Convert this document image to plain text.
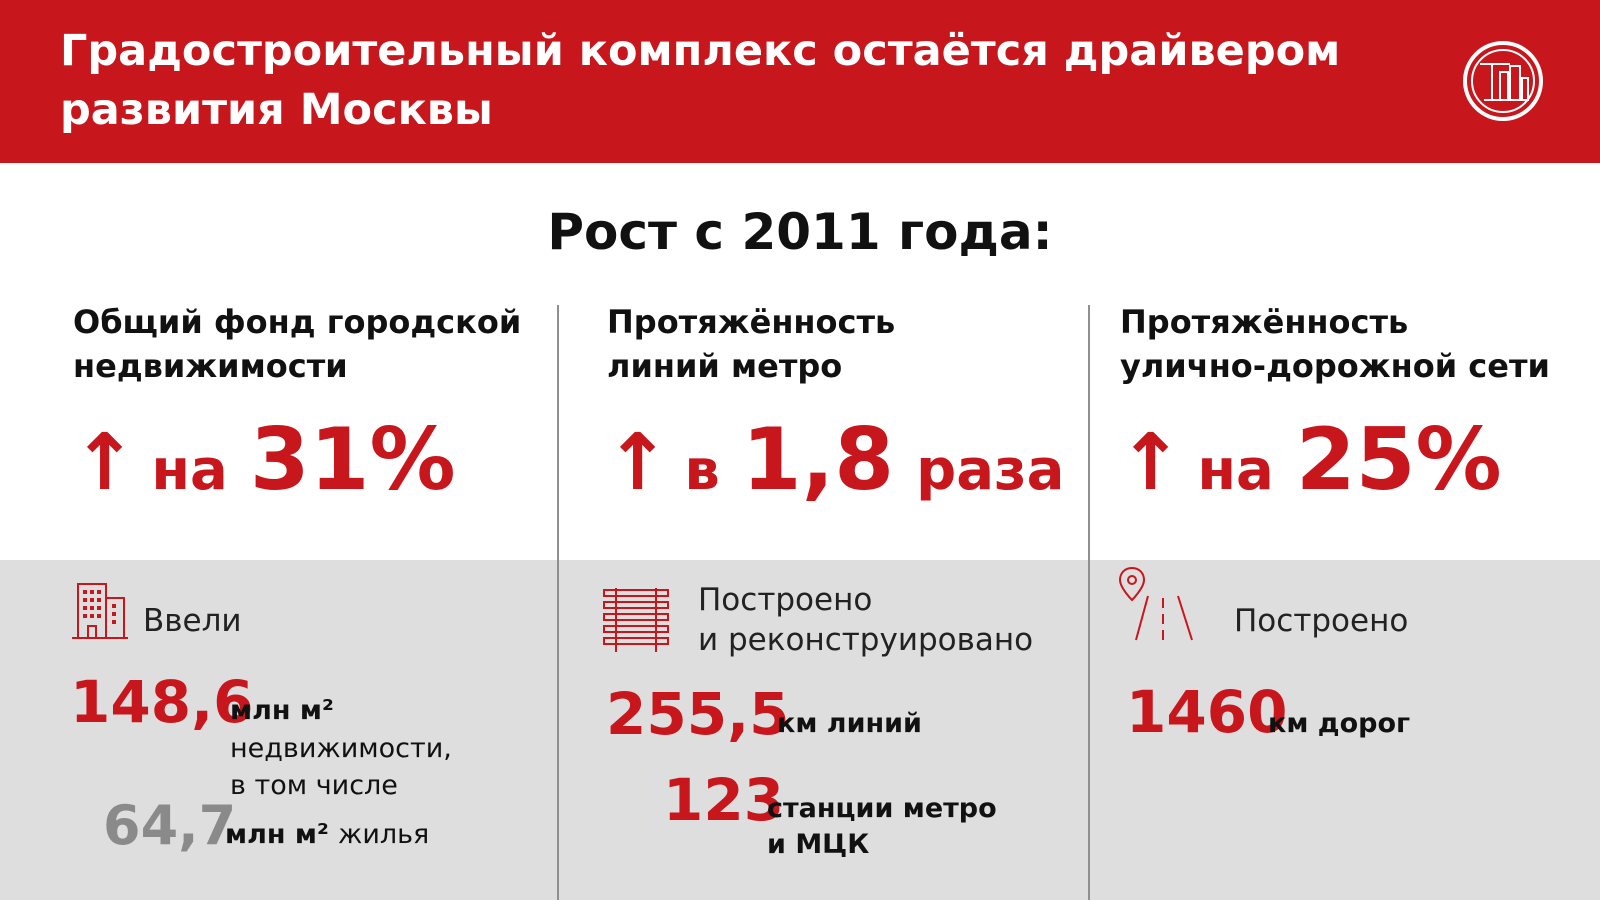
Градостроительный комплекс остаётся драйвером развития Москвы
Рост с 2011 года:
Общий фонд городской
недвижимости
↑ на 31%
Ввели
148,6
млн м²
недвижимости,
в том числе
64,7
млн м² жилья
Протяжённость
линий метро
↑ в 1,8 раза
Построено
и реконструировано
255,5
км линий
123
станции метро
и МЦК
Протяжённость
улично-дорожной сети
↑ на 25%
Построено
1460
км дорог
